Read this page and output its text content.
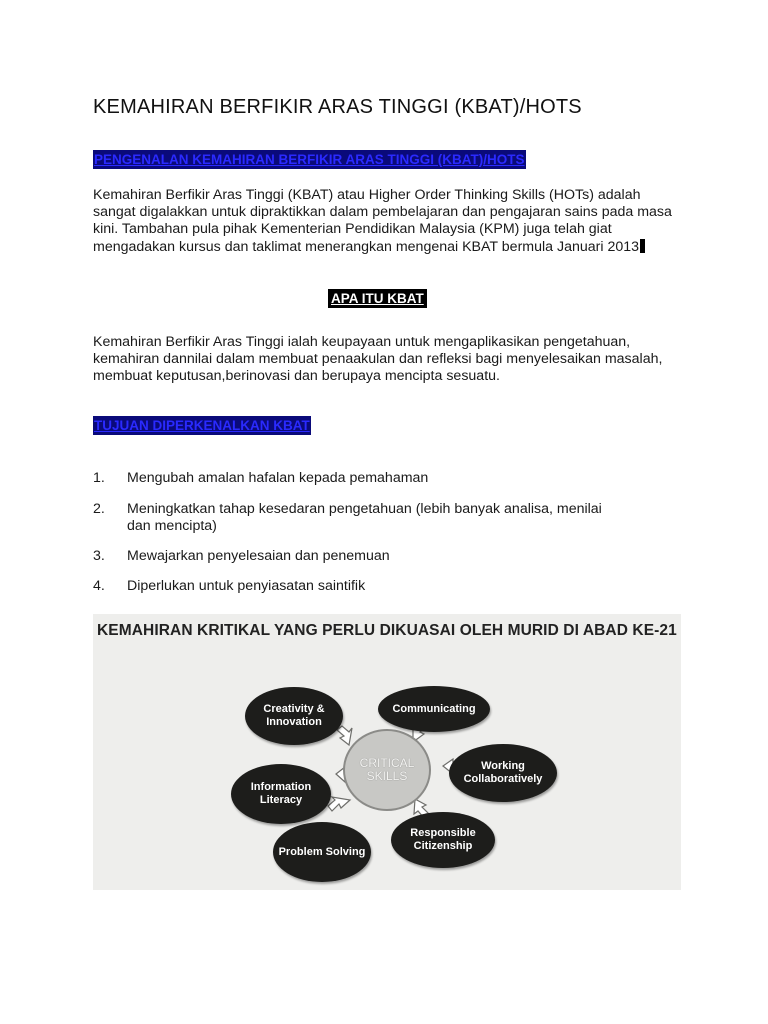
KEMAHIRAN BERFIKIR ARAS TINGGI (KBAT)/HOTS
PENGENALAN KEMAHIRAN BERFIKIR ARAS TINGGI (KBAT)/HOTS
Kemahiran Berfikir Aras Tinggi (KBAT) atau Higher Order Thinking Skills (HOTs) adalah sangat digalakkan untuk dipraktikkan dalam pembelajaran dan pengajaran sains pada masa kini. Tambahan pula pihak Kementerian Pendidikan Malaysia (KPM) juga telah giat mengadakan kursus dan taklimat menerangkan mengenai KBAT bermula Januari 2013
APA ITU KBAT
Kemahiran Berfikir Aras Tinggi ialah keupayaan untuk mengaplikasikan pengetahuan, kemahiran dannilai dalam membuat penaakulan dan refleksi bagi menyelesaikan masalah, membuat keputusan,berinovasi dan berupaya mencipta sesuatu.
TUJUAN DIPERKENALKAN KBAT
1. Mengubah amalan hafalan kepada pemahaman
2. Meningkatkan tahap kesedaran pengetahuan (lebih banyak analisa, menilai dan mencipta)
3. Mewajarkan penyelesaian dan penemuan
4. Diperlukan untuk penyiasatan saintifik
KEMAHIRAN KRITIKAL YANG PERLU DIKUASAI OLEH MURID DI ABAD KE-21
CRITICAL SKILLS
Creativity & Innovation
Communicating
Working Collaboratively
Responsible Citizenship
Problem Solving
Information Literacy
